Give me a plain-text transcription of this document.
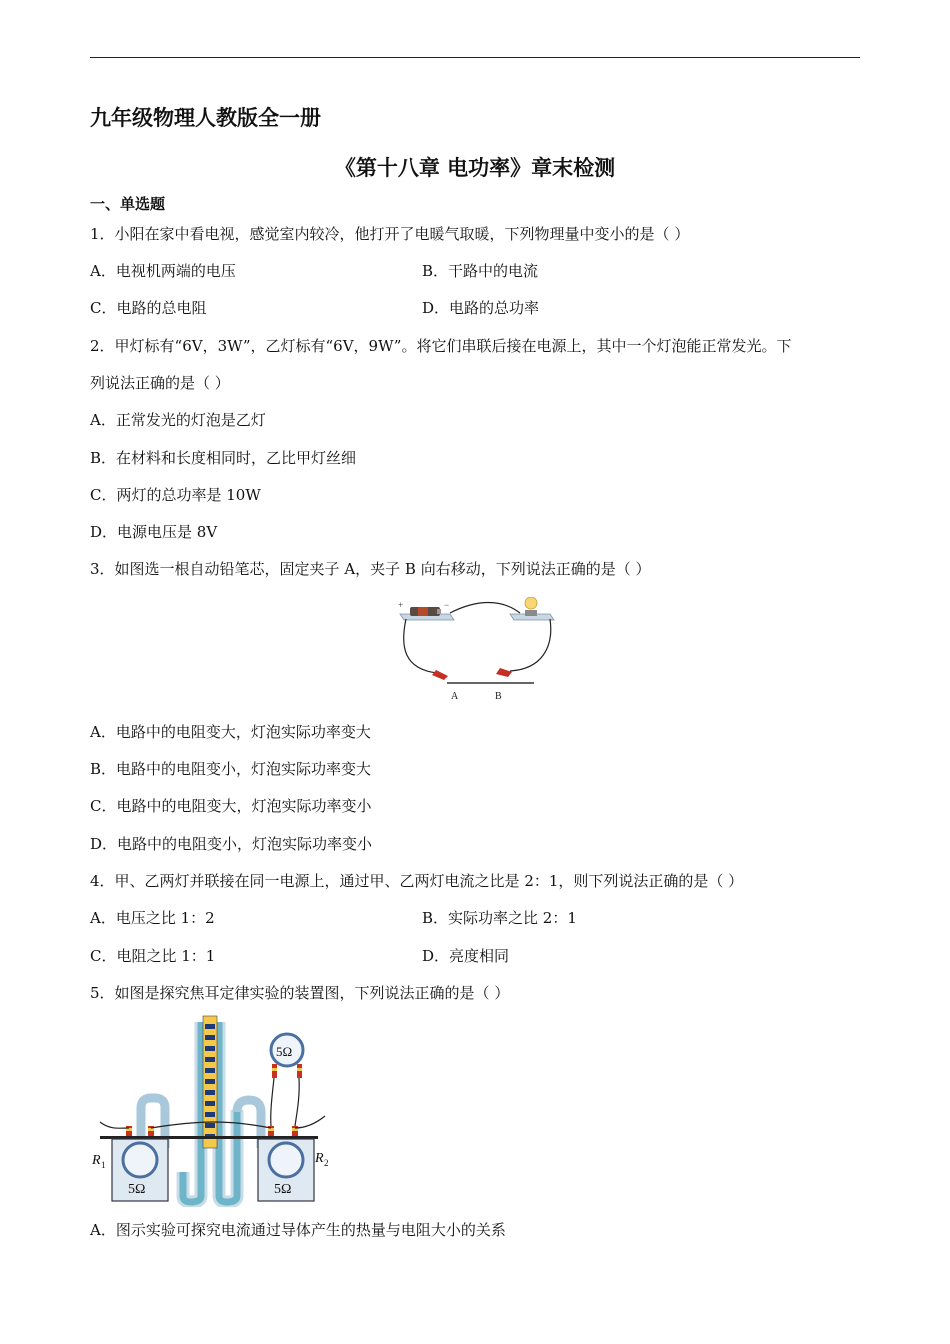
九年级物理人教版全一册
《第十八章 电功率》章末检测
一、单选题
1．小阳在家中看电视，感觉室内较冷，他打开了电暖气取暖，下列物理量中变小的是（ ）
A．电视机两端的电压	B．干路中的电流
C．电路的总电阻	D．电路的总功率
2．甲灯标有“6V，3W”，乙灯标有“6V，9W”。将它们串联后接在电源上，其中一个灯泡能正常发光。下
列说法正确的是（ ）
A．正常发光的灯泡是乙灯
B．在材料和长度相同时，乙比甲灯丝细
C．两灯的总功率是 10W
D．电源电压是 8V
3．如图选一根自动铅笔芯，固定夹子 A，夹子 B 向右移动，下列说法正确的是（ ）
+	−
A	B
A．电路中的电阻变大，灯泡实际功率变大
B．电路中的电阻变小，灯泡实际功率变大
C．电路中的电阻变大，灯泡实际功率变小
D．电路中的电阻变小，灯泡实际功率变小
4．甲、乙两灯并联接在同一电源上，通过甲、乙两灯电流之比是 2：1，则下列说法正确的是（ ）
A．电压之比 1：2	B．实际功率之比 2：1
C．电阻之比 1：1	D．亮度相同
5．如图是探究焦耳定律实验的装置图，下列说法正确的是（ ）
5Ω	5Ω
5Ω
R 1	R 2
A．图示实验可探究电流通过导体产生的热量与电阻大小的关系
